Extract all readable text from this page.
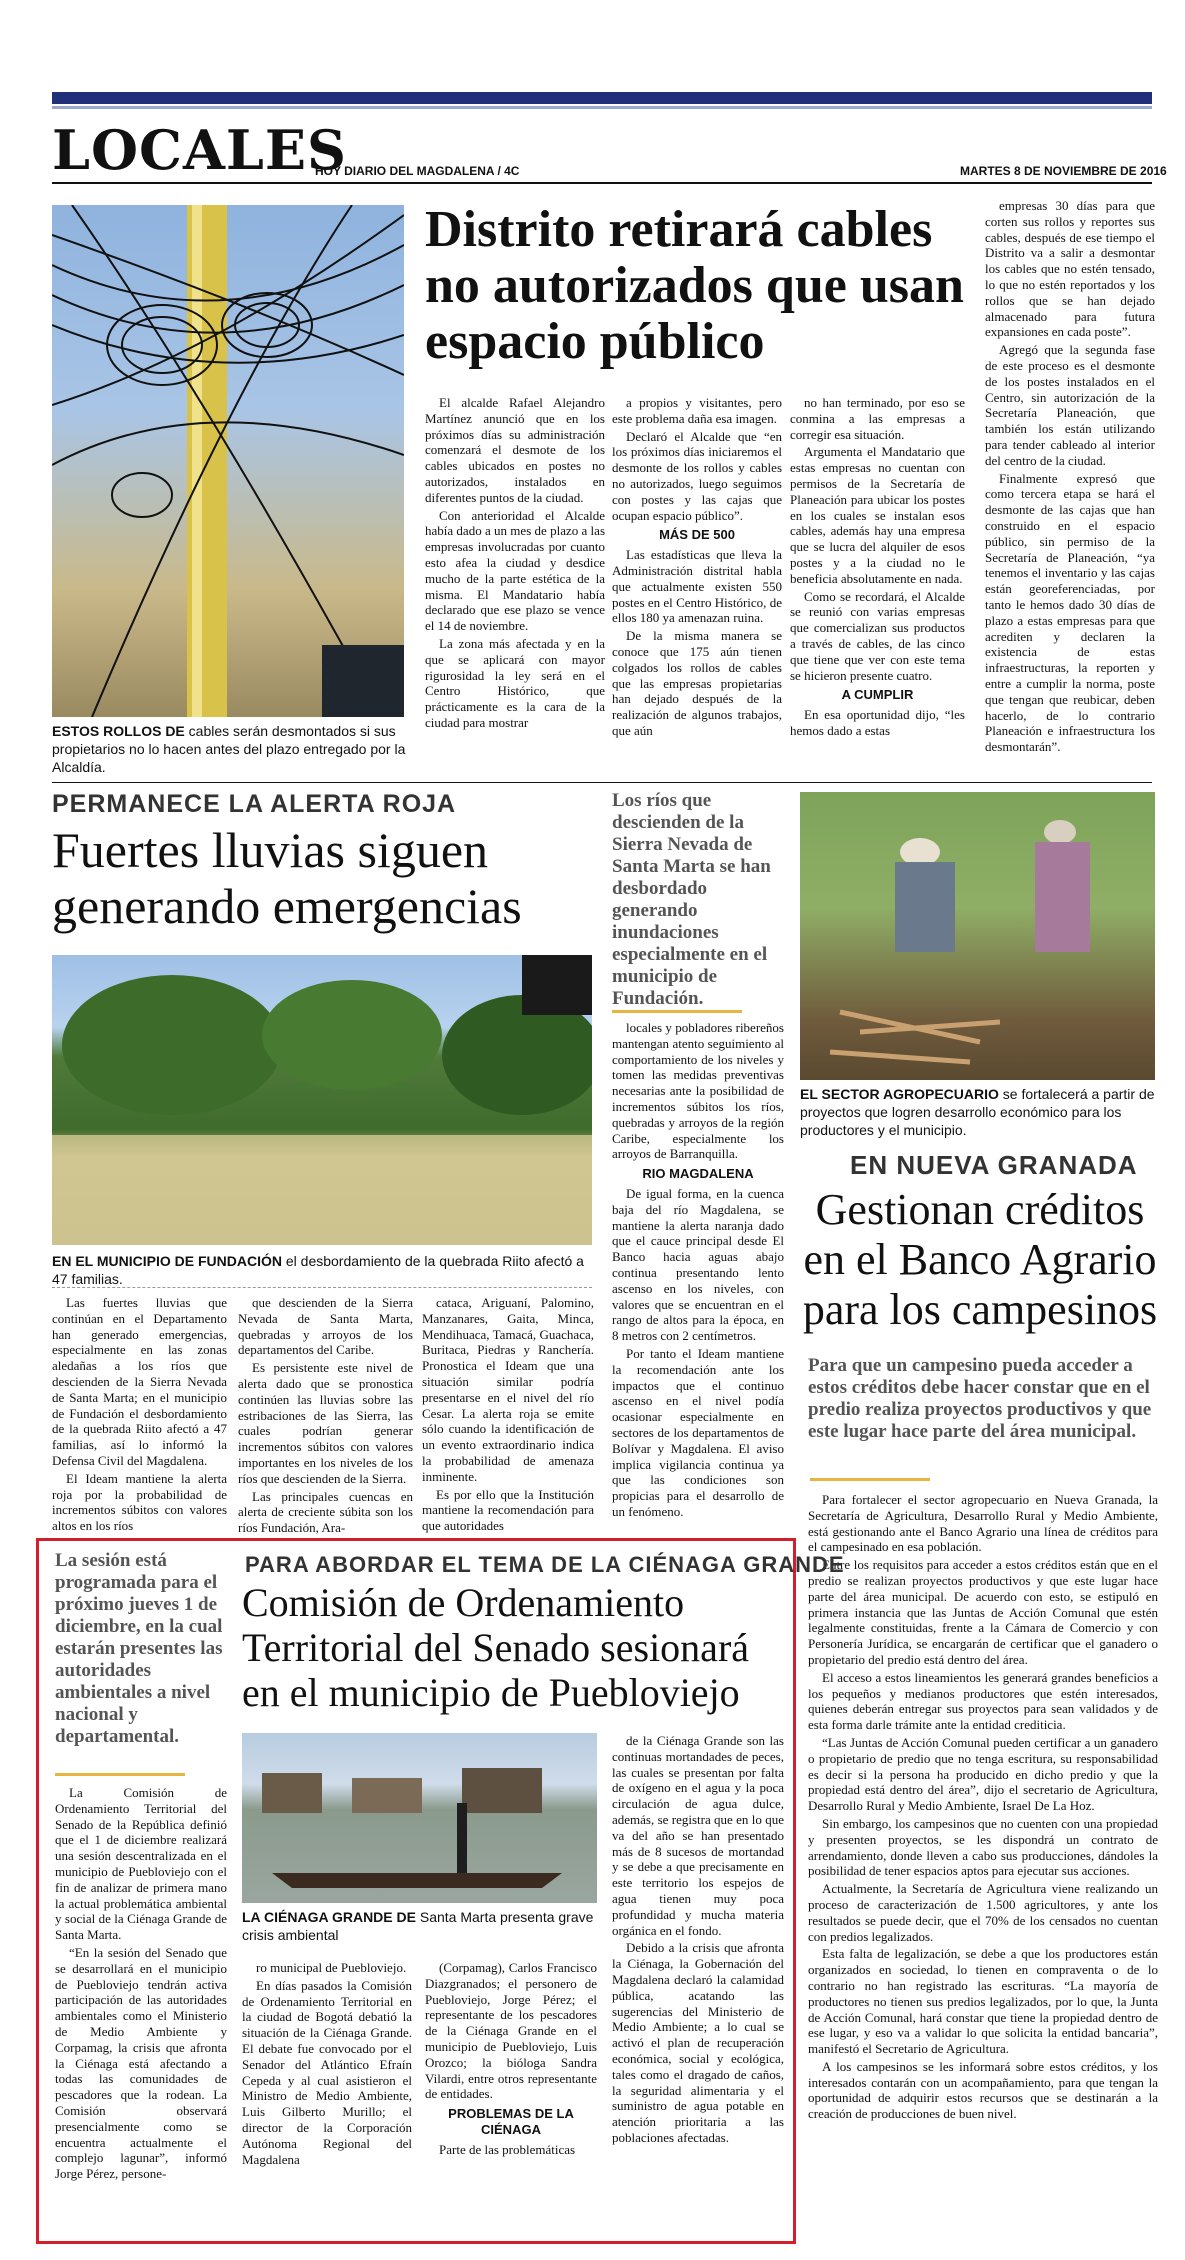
LOCALES
HOY DIARIO DEL MAGDALENA / 4C	MARTES 8 DE NOVIEMBRE DE 2016
ESTOS ROLLOS DE cables serán desmontados si sus propietarios no lo hacen antes del plazo entregado por la Alcaldía.
Distrito retirará cables no autorizados que usan espacio público

El alcalde Rafael Alejandro Martínez anunció que en los próximos días su administración comenzará el desmote de los cables ubicados en postes no autorizados, instalados en diferentes puntos de la ciudad.

Con anterioridad el Alcalde había dado a un mes de plazo a las empresas involucradas por cuanto esto afea la ciudad y desdice mucho de la parte estética de la misma. El Mandatario había declarado que ese plazo se vence el 14 de noviembre.

La zona más afectada y en la que se aplicará con mayor rigurosidad la ley será en el Centro Histórico, que prácticamente es la cara de la ciudad para mostrar

a propios y visitantes, pero este problema daña esa imagen.

Declaró el Alcalde que “en los próximos días iniciaremos el desmonte de los rollos y cables no autorizados, luego seguimos con postes y las cajas que ocupan espacio público”.

MÁS DE 500

Las estadísticas que lleva la Administración distrital habla que actualmente existen 550 postes en el Centro Histórico, de ellos 180 ya amenazan ruina.

De la misma manera se conoce que 175 aún tienen colgados los rollos de cables que las empresas propietarias han dejado después de la realización de algunos trabajos, que aún

no han terminado, por eso se conmina a las empresas a corregir esa situación.

Argumenta el Mandatario que estas empresas no cuentan con permisos de la Secretaría de Planeación para ubicar los postes en los cuales se instalan esos cables, además hay una empresa que se lucra del alquiler de esos postes y a la ciudad no le beneficia absolutamente en nada.

Como se recordará, el Alcalde se reunió con varias empresas que comercializan sus productos a través de cables, de las cinco que tiene que ver con este tema se hicieron presente cuatro.

A CUMPLIR

En esa oportunidad dijo, “les hemos dado a estas

empresas 30 días para que corten sus rollos y reportes sus cables, después de ese tiempo el Distrito va a salir a desmontar los cables que no estén tensado, lo que no estén reportados y los rollos que se han dejado almacenado para futura expansiones en cada poste”.

Agregó que la segunda fase de este proceso es el desmonte de los postes instalados en el Centro, sin autorización de la Secretaría Planeación, que también los están utilizando para tender cableado al interior del centro de la ciudad.

Finalmente expresó que como tercera etapa se hará el desmonte de las cajas que han construido en el espacio público, sin permiso de la Secretaría de Planeación, “ya tenemos el inventario y las cajas están georeferenciadas, por tanto le hemos dado 30 días de plazo a estas empresas para que acrediten y declaren la existencia de estas infraestructuras, la reporten y entre a cumplir la norma, poste que tengan que reubicar, deben hacerlo, de lo contrario Planeación e infraestructura los desmontarán”.

PERMANECE LA ALERTA ROJA
Fuertes lluvias siguen generando emergencias
EN EL MUNICIPIO DE FUNDACIÓN el desbordamiento de la quebrada Riito afectó a 47 familias.

Las fuertes lluvias que continúan en el Departamento han generado emergencias, especialmente en las zonas aledañas a los ríos que descienden de la Sierra Nevada de Santa Marta; en el municipio de Fundación el desbordamiento de la quebrada Riito afectó a 47 familias, así lo informó la Defensa Civil del Magdalena.

El Ideam mantiene la alerta roja por la probabilidad de incrementos súbitos con valores altos en los ríos

que descienden de la Sierra Nevada de Santa Marta, quebradas y arroyos de los departamentos del Caribe.

Es persistente este nivel de alerta dado que se pronostica continúen las lluvias sobre las estribaciones de las Sierra, las cuales podrían generar incrementos súbitos con valores importantes en los niveles de los ríos que descienden de la Sierra.

Las principales cuencas en alerta de creciente súbita son los ríos Fundación, Ara-

cataca, Ariguaní, Palomino, Manzanares, Gaita, Minca, Mendihuaca, Tamacá, Guachaca, Buritaca, Piedras y Ranchería. Pronostica el Ideam que una situación similar podría presentarse en el nivel del río Cesar. La alerta roja se emite sólo cuando la identificación de un evento extraordinario indica la probabilidad de amenaza inminente.

Es por ello que la Institución mantiene la recomendación para que autoridades

Los ríos que descienden de la Sierra Nevada de Santa Marta se han desbordado generando inundaciones especialmente en el municipio de Fundación.

locales y pobladores ribereños mantengan atento seguimiento al comportamiento de los niveles y tomen las medidas preventivas necesarias ante la posibilidad de incrementos súbitos los ríos, quebradas y arroyos de la región Caribe, especialmente los arroyos de Barranquilla.

RIO MAGDALENA

De igual forma, en la cuenca baja del río Magdalena, se mantiene la alerta naranja dado que el cauce principal desde El Banco hacia aguas abajo continua presentando lento ascenso en los niveles, con valores que se encuentran en el rango de altos para la época, en 8 metros con 2 centímetros.

Por tanto el Ideam mantiene la recomendación ante los impactos que el continuo ascenso en el nivel podía ocasionar especialmente en sectores de los departamentos de Bolívar y Magdalena. El aviso implica vigilancia continua ya que las condiciones son propicias para el desarrollo de un fenómeno.

EL SECTOR AGROPECUARIO se fortalecerá a partir de proyectos que logren desarrollo económico para los productores y el municipio.
EN NUEVA GRANADA
Gestionan créditos en el Banco Agrario para los campesinos
Para que un campesino pueda acceder a estos créditos debe hacer constar que en el predio realiza proyectos productivos y que este lugar hace parte del área municipal.

Para fortalecer el sector agropecuario en Nueva Granada, la Secretaría de Agricultura, Desarrollo Rural y Medio Ambiente, está gestionando ante el Banco Agrario una línea de créditos para el campesinado en esa población.

Entre los requisitos para acceder a estos créditos están que en el predio se realizan proyectos productivos y que este lugar hace parte del área municipal. De acuerdo con esto, se estipuló en primera instancia que las Juntas de Acción Comunal que estén legalmente constituidas, frente a la Cámara de Comercio y con Personería Jurídica, se encargarán de certificar que el ganadero o propietario del predio está dentro del área.

El acceso a estos lineamientos les generará grandes beneficios a los pequeños y medianos productores que estén interesados, quienes deberán entregar sus proyectos para sean validados y de esta forma darle trámite ante la entidad crediticia.

“Las Juntas de Acción Comunal pueden certificar a un ganadero o propietario de predio que no tenga escritura, su responsabilidad es decir si la persona ha producido en dicho predio y que la propiedad está dentro del área”, dijo el secretario de Agricultura, Desarrollo Rural y Medio Ambiente, Israel De La Hoz.

Sin embargo, los campesinos que no cuenten con una propiedad y presenten proyectos, se les dispondrá un contrato de arrendamiento, donde lleven a cabo sus producciones, dándoles la posibilidad de tener espacios aptos para ejecutar sus acciones.

Actualmente, la Secretaría de Agricultura viene realizando un proceso de caracterización de 1.500 agricultores, y ante los resultados se puede decir, que el 70% de los censados no cuentan con predios legalizados.

Esta falta de legalización, se debe a que los productores están organizados en sociedad, lo tienen en compraventa o de lo contrario no han registrado las escrituras. “La mayoría de productores no tienen sus predios legalizados, por lo que, la Junta de Acción Comunal, hará constar que tiene la propiedad dentro de ese lugar, y eso va a validar lo que solicita la entidad bancaria”, manifestó el Secretario de Agricultura.

A los campesinos se les informará sobre estos créditos, y los interesados contarán con un acompañamiento, para que tengan la oportunidad de adquirir estos recursos que se destinarán a la creación de producciones de buen nivel.

La sesión está programada para el próximo jueves 1 de diciembre, en la cual estarán presentes las autoridades ambientales a nivel nacional y departamental.
PARA ABORDAR EL TEMA DE LA CIÉNAGA GRANDE
Comisión de Ordenamiento Territorial del Senado sesionará en el municipio de Puebloviejo
LA CIÉNAGA GRANDE DE Santa Marta presenta grave crisis ambiental

La Comisión de Ordenamiento Territorial del Senado de la República definió que el 1 de diciembre realizará una sesión descentralizada en el municipio de Puebloviejo con el fin de analizar de primera mano la actual problemática ambiental y social de la Ciénaga Grande de Santa Marta.

“En la sesión del Senado que se desarrollará en el municipio de Puebloviejo tendrán activa participación de las autoridades ambientales como el Ministerio de Medio Ambiente y Corpamag, la crisis que afronta la Ciénaga está afectando a todas las comunidades de pescadores que la rodean. La Comisión observará presencialmente como se encuentra actualmente el complejo lagunar”, informó Jorge Pérez, persone-

ro municipal de Puebloviejo.

En días pasados la Comisión de Ordenamiento Territorial en la ciudad de Bogotá debatió la situación de la Ciénaga Grande. El debate fue convocado por el Senador del Atlántico Efraín Cepeda y al cual asistieron el Ministro de Medio Ambiente, Luis Gilberto Murillo; el director de la Corporación Autónoma Regional del Magdalena

(Corpamag), Carlos Francisco Diazgranados; el personero de Puebloviejo, Jorge Pérez; el representante de los pescadores de la Ciénaga Grande en el municipio de Puebloviejo, Luis Orozco; la bióloga Sandra Vilardi, entre otros representante de entidades.

PROBLEMAS DE LA CIÉNAGA

Parte de las problemáticas

de la Ciénaga Grande son las continuas mortandades de peces, las cuales se presentan por falta de oxígeno en el agua y la poca circulación de agua dulce, además, se registra que en lo que va del año se han presentado más de 8 sucesos de mortandad y se debe a que precisamente en este territorio los espejos de agua tienen muy poca profundidad y mucha materia orgánica en el fondo.

Debido a la crisis que afronta la Ciénaga, la Gobernación del Magdalena declaró la calamidad pública, acatando las sugerencias del Ministerio de Medio Ambiente; a lo cual se activó el plan de recuperación económica, social y ecológica, tales como el dragado de caños, la seguridad alimentaria y el suministro de agua potable en atención prioritaria a las poblaciones afectadas.
